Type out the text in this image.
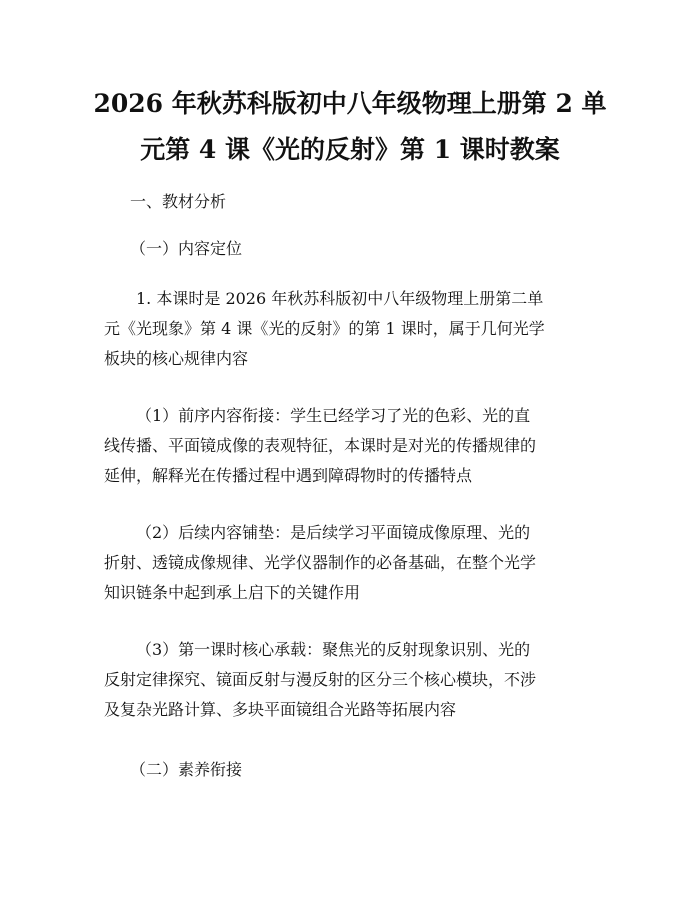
2026 年秋苏科版初中八年级物理上册第 2 单
元第 4 课《光的反射》第 1 课时教案
一、教材分析
（一）内容定位
1. 本课时是 2026 年秋苏科版初中八年级物理上册第二单
元《光现象》第 4 课《光的反射》的第 1 课时，属于几何光学
板块的核心规律内容
（1）前序内容衔接：学生已经学习了光的色彩、光的直
线传播、平面镜成像的表观特征，本课时是对光的传播规律的
延伸，解释光在传播过程中遇到障碍物时的传播特点
（2）后续内容铺垫：是后续学习平面镜成像原理、光的
折射、透镜成像规律、光学仪器制作的必备基础，在整个光学
知识链条中起到承上启下的关键作用
（3）第一课时核心承载：聚焦光的反射现象识别、光的
反射定律探究、镜面反射与漫反射的区分三个核心模块，不涉
及复杂光路计算、多块平面镜组合光路等拓展内容
（二）素养衔接
